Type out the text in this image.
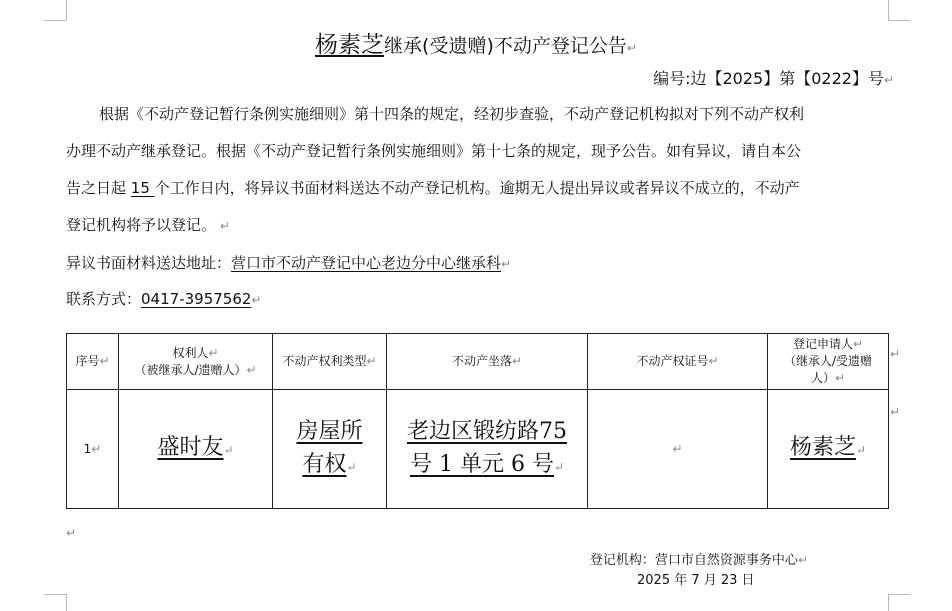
杨素芝继承(受遗赠)不动产登记公告↵
编号:边【2025】第【0222】号↵

根据《不动产登记暂行条例实施细则》第十四条的规定，经初步查验，不动产登记机构拟对下列不动产权利

办理不动产继承登记。根据《不动产登记暂行条例实施细则》第十七条的规定，现予公告。如有异议，请自本公

告之日起 15 个工作日内，将异议书面材料送达不动产登记机构。逾期无人提出异议或者异议不成立的，不动产

登记机构将予以登记。 ↵

异议书面材料送达地址：营口市不动产登记中心老边分中心继承科↵
联系方式：0417-3957562↵
序号↵	权利人↵
（被继承人/遗赠人）↵	不动产权利类型↵	不动产坐落↵	不动产权证号↵	登记申请人↵
（继承人/受遗赠
人）↵
1↵	盛时友↵	房屋所
有权↵	老边区锻纺路75
号 1 单元 6 号↵	↵	杨素芝↵
↵
↵
↵
登记机构：营口市自然资源事务中心↵
2025 年 7 月 23 日
